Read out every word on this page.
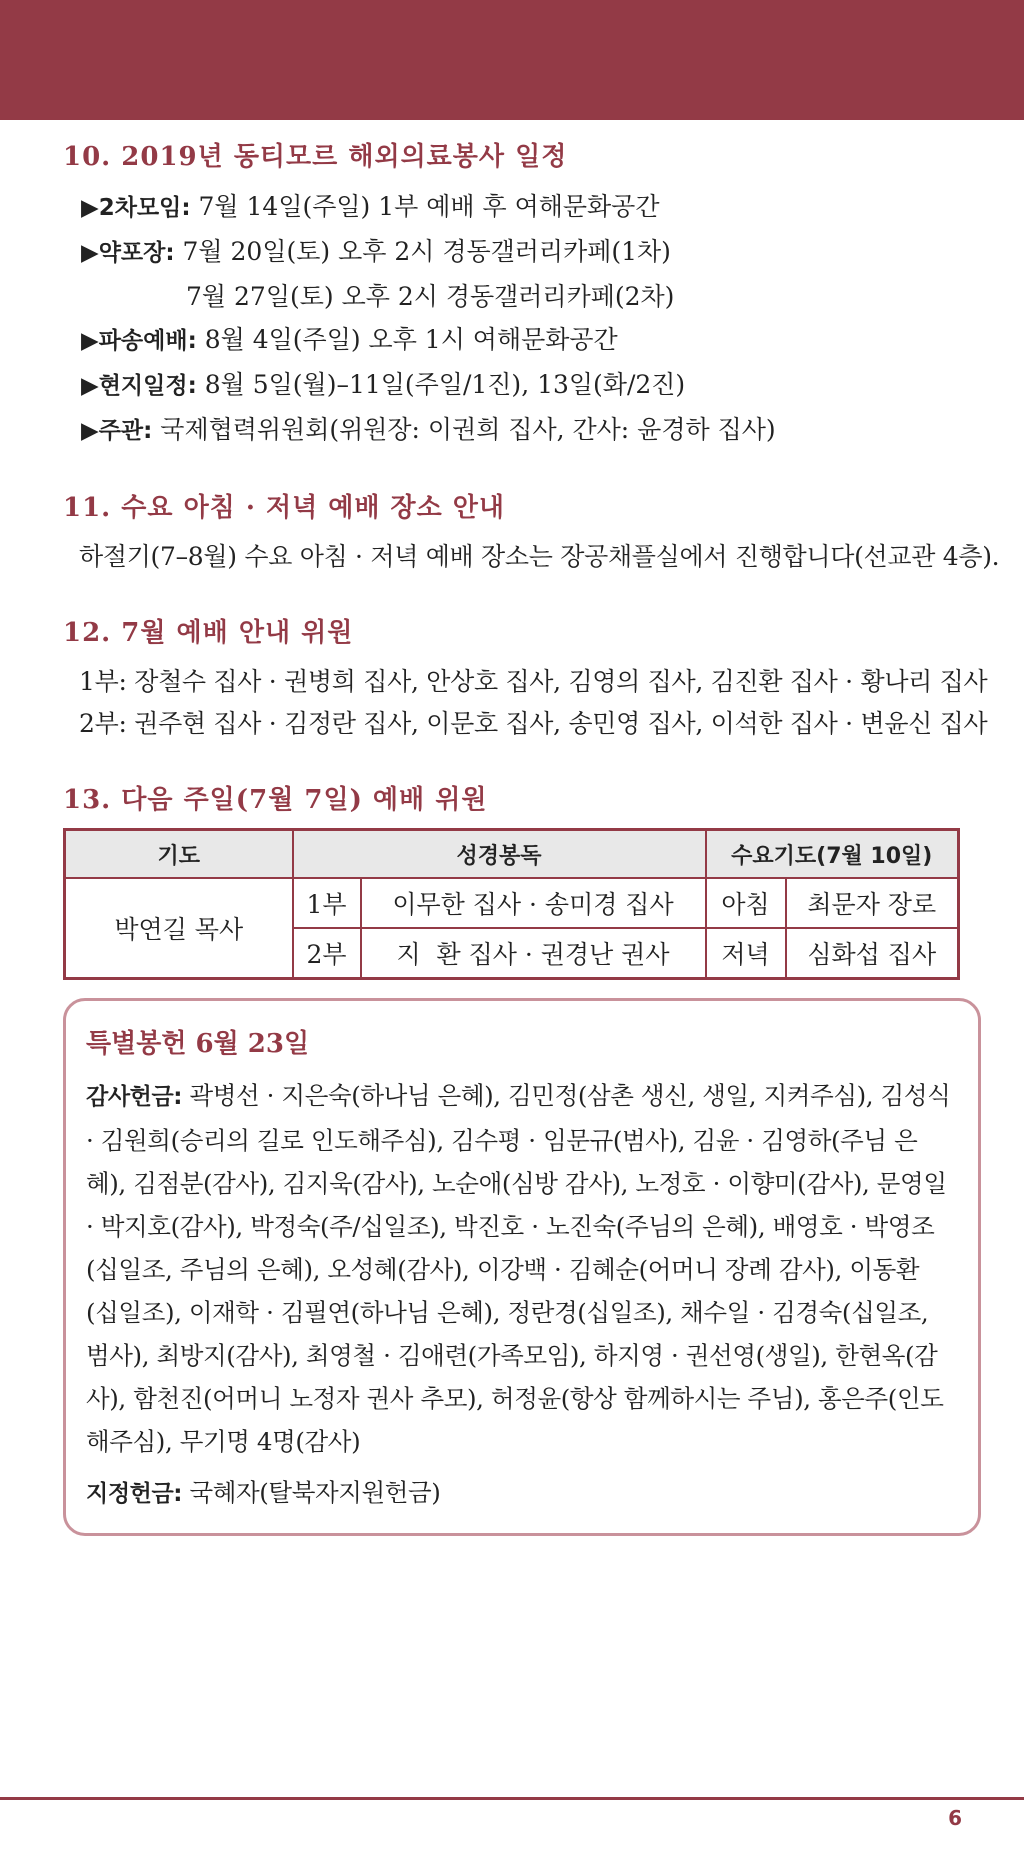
10. 2019년 동티모르 해외의료봉사 일정
▶2차모임: 7월 14일(주일) 1부 예배 후 여해문화공간
▶약포장: 7월 20일(토) 오후 2시 경동갤러리카페(1차)
7월 27일(토) 오후 2시 경동갤러리카페(2차)
▶파송예배: 8월 4일(주일) 오후 1시 여해문화공간
▶현지일정: 8월 5일(월)–11일(주일/1진), 13일(화/2진)
▶주관: 국제협력위원회(위원장: 이권희 집사, 간사: 윤경하 집사)
11. 수요 아침 · 저녁 예배 장소 안내
하절기(7–8월) 수요 아침 · 저녁 예배 장소는 장공채플실에서 진행합니다(선교관 4층).
12. 7월 예배 안내 위원
1부: 장철수 집사 · 권병희 집사, 안상호 집사, 김영의 집사, 김진환 집사 · 황나리 집사
2부: 권주현 집사 · 김정란 집사, 이문호 집사, 송민영 집사, 이석한 집사 · 변윤신 집사
13. 다음 주일(7월 7일) 예배 위원
기도	성경봉독		수요기도(7월 10일)	
박연길 목사	1부	이무한 집사 · 송미경 집사	아침	최문자 장로
	2부	지  환 집사 · 권경난 권사	저녁	심화섭 집사
특별봉헌 6월 23일
감사헌금: 곽병선 · 지은숙(하나님 은혜), 김민정(삼촌 생신, 생일, 지켜주심), 김성식 · 김원희(승리의 길로 인도해주심), 김수평 · 임문규(범사), 김윤 · 김영하(주님 은혜), 김점분(감사), 김지욱(감사), 노순애(심방 감사), 노정호 · 이향미(감사), 문영일 · 박지호(감사), 박정숙(주/십일조), 박진호 · 노진숙(주님의 은혜), 배영호 · 박영조(십일조, 주님의 은혜), 오성혜(감사), 이강백 · 김혜순(어머니 장례 감사), 이동환(십일조), 이재학 · 김필연(하나님 은혜), 정란경(십일조), 채수일 · 김경숙(십일조, 범사), 최방지(감사), 최영철 · 김애련(가족모임), 하지영 · 권선영(생일), 한현옥(감사), 함천진(어머니 노정자 권사 추모), 허정윤(항상 함께하시는 주님), 홍은주(인도해주심), 무기명 4명(감사)
지정헌금: 국혜자(탈북자지원헌금)
6
